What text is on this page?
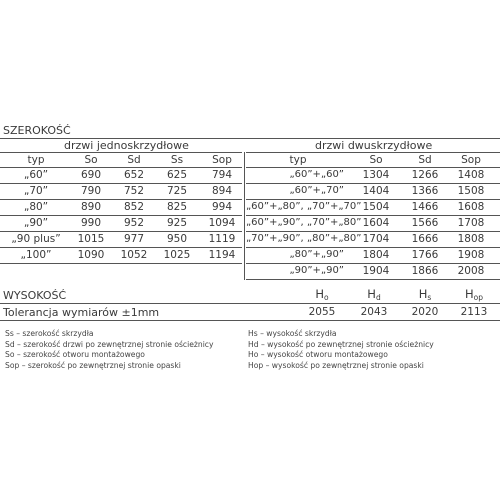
SZEROKOŚĆ
drzwi jednoskrzydłowe	drzwi dwuskrzydłowe
typ	So	Sd	Ss	Sop	typ	So	Sd	Sop
„60”	690	652	625	794
„70”	790	752	725	894
„80”	890	852	825	994
„90”	990	952	925	1094
„90 plus”	1015	977	950	1119
„100”	1090	1052	1025	1194
„60”+„60”	1304	1266	1408
„60”+„70”	1404	1366	1508
„60”+„80”, „70”+„70” 1504	1466	1608
„60”+„90”, „70”+„80” 1604	1566	1708
„70”+„90”, „80”+„80” 1704	1666	1808
„80”+„90”	1804	1766	1908
„90”+„90”	1904	1866	2008
WYSOKOŚĆ	$H_o$	$H_d$	$H_s$	$H_{op}$
Tolerancja wymiarów ±1mm	2055	2043	2020	2113
Ss – szerokość skrzydła
Sd – szerokość drzwi po zewnętrznej stronie ościeżnicy
So – szerokość otworu montażowego
Sop – szerokość po zewnętrznej stronie opaski
Hs – wysokość skrzydła
Hd – wysokość po zewnętrznej stronie ościeżnicy
Ho – wysokość otworu montażowego
Hop – wysokość po zewnętrznej stronie opaski
